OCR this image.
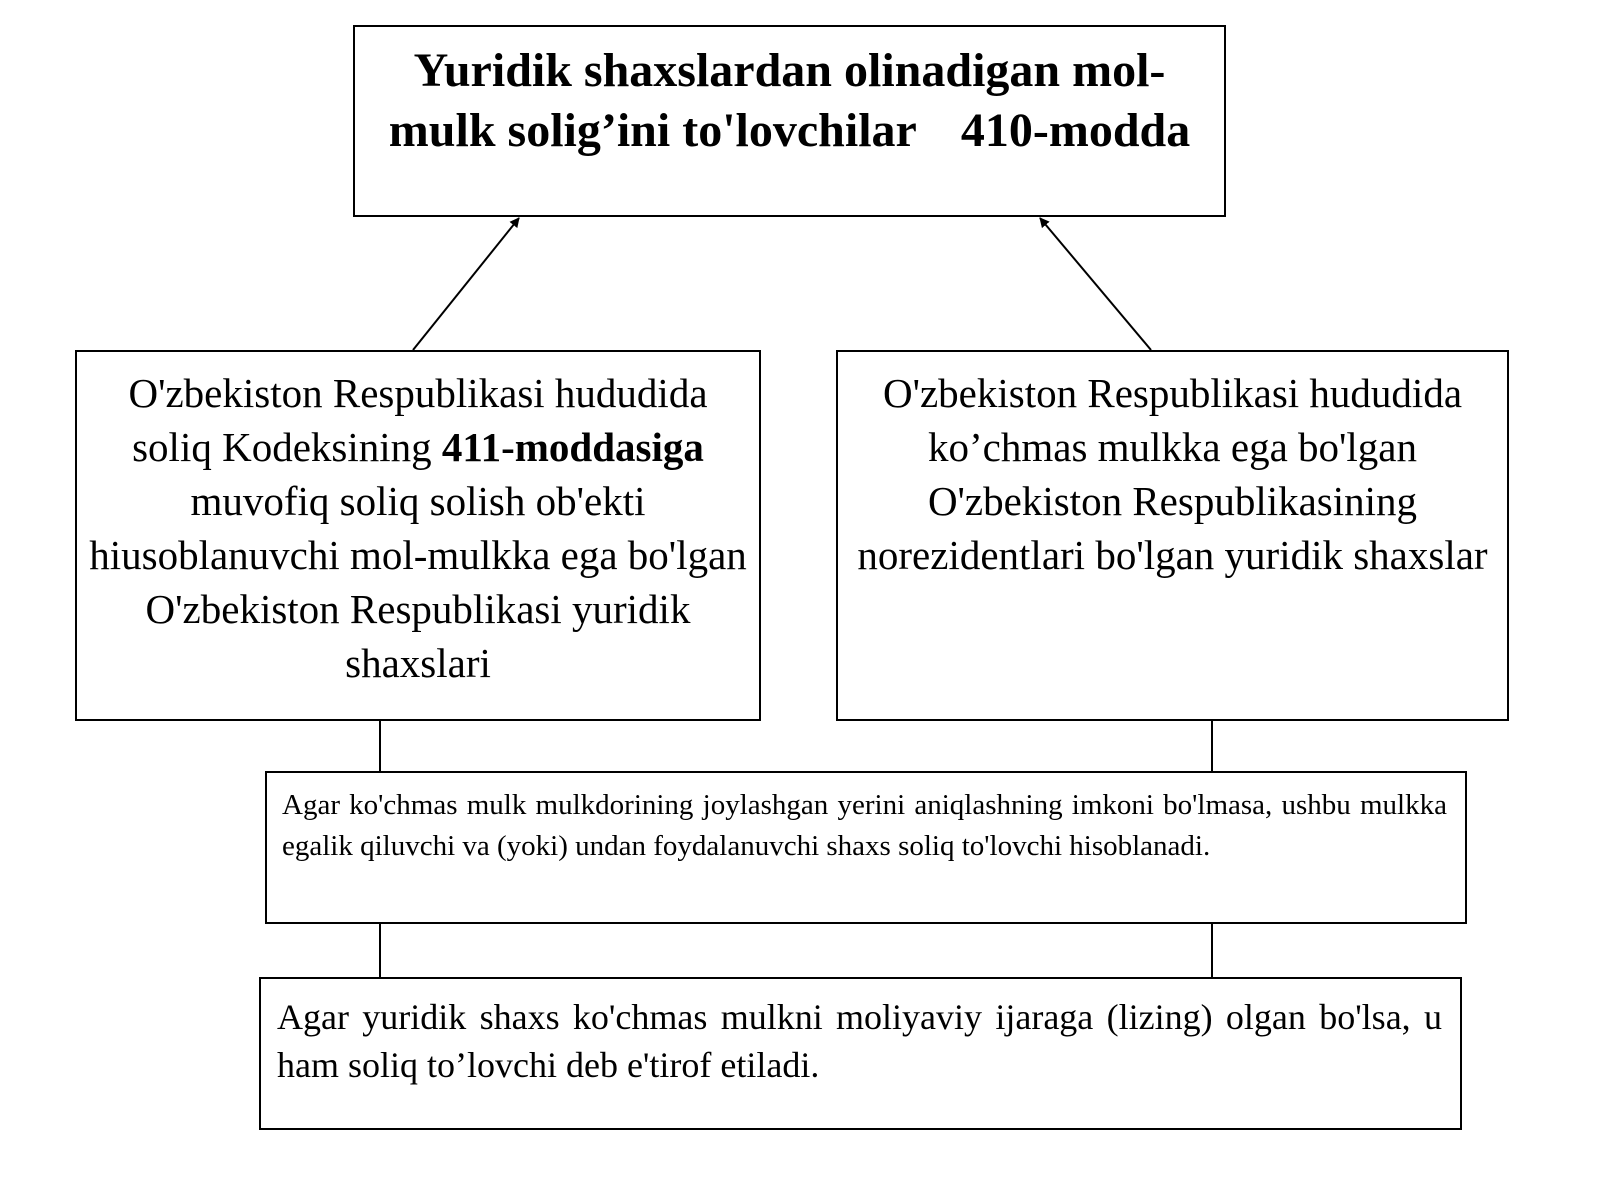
Yuridik shaxslardan olinadigan mol-
mulk solig’ini to'lovchilar 410-modda
O'zbekiston Respublikasi hududida soliq Kodeksining 411-moddasiga muvofiq soliq solish ob'ekti hiusoblanuvchi mol-mulkka ega bo'lgan O'zbekiston Respublikasi yuridik shaxslari
O'zbekiston Respublikasi hududida ko’chmas mulkka ega bo'lgan O'zbekiston Respublikasining norezidentlari bo'lgan yuridik shaxslar
Agar ko'chmas mulk mulkdorining joylashgan yerini aniqlashning imkoni bo'lmasa, ushbu mulkka egalik qiluvchi va (yoki) undan foydalanuvchi shaxs soliq to'lovchi hisoblanadi.
Agar yuridik shaxs ko'chmas mulkni moliyaviy ijaraga (lizing) olgan bo'lsa, u ham soliq to’lovchi deb e'tirof etiladi.
